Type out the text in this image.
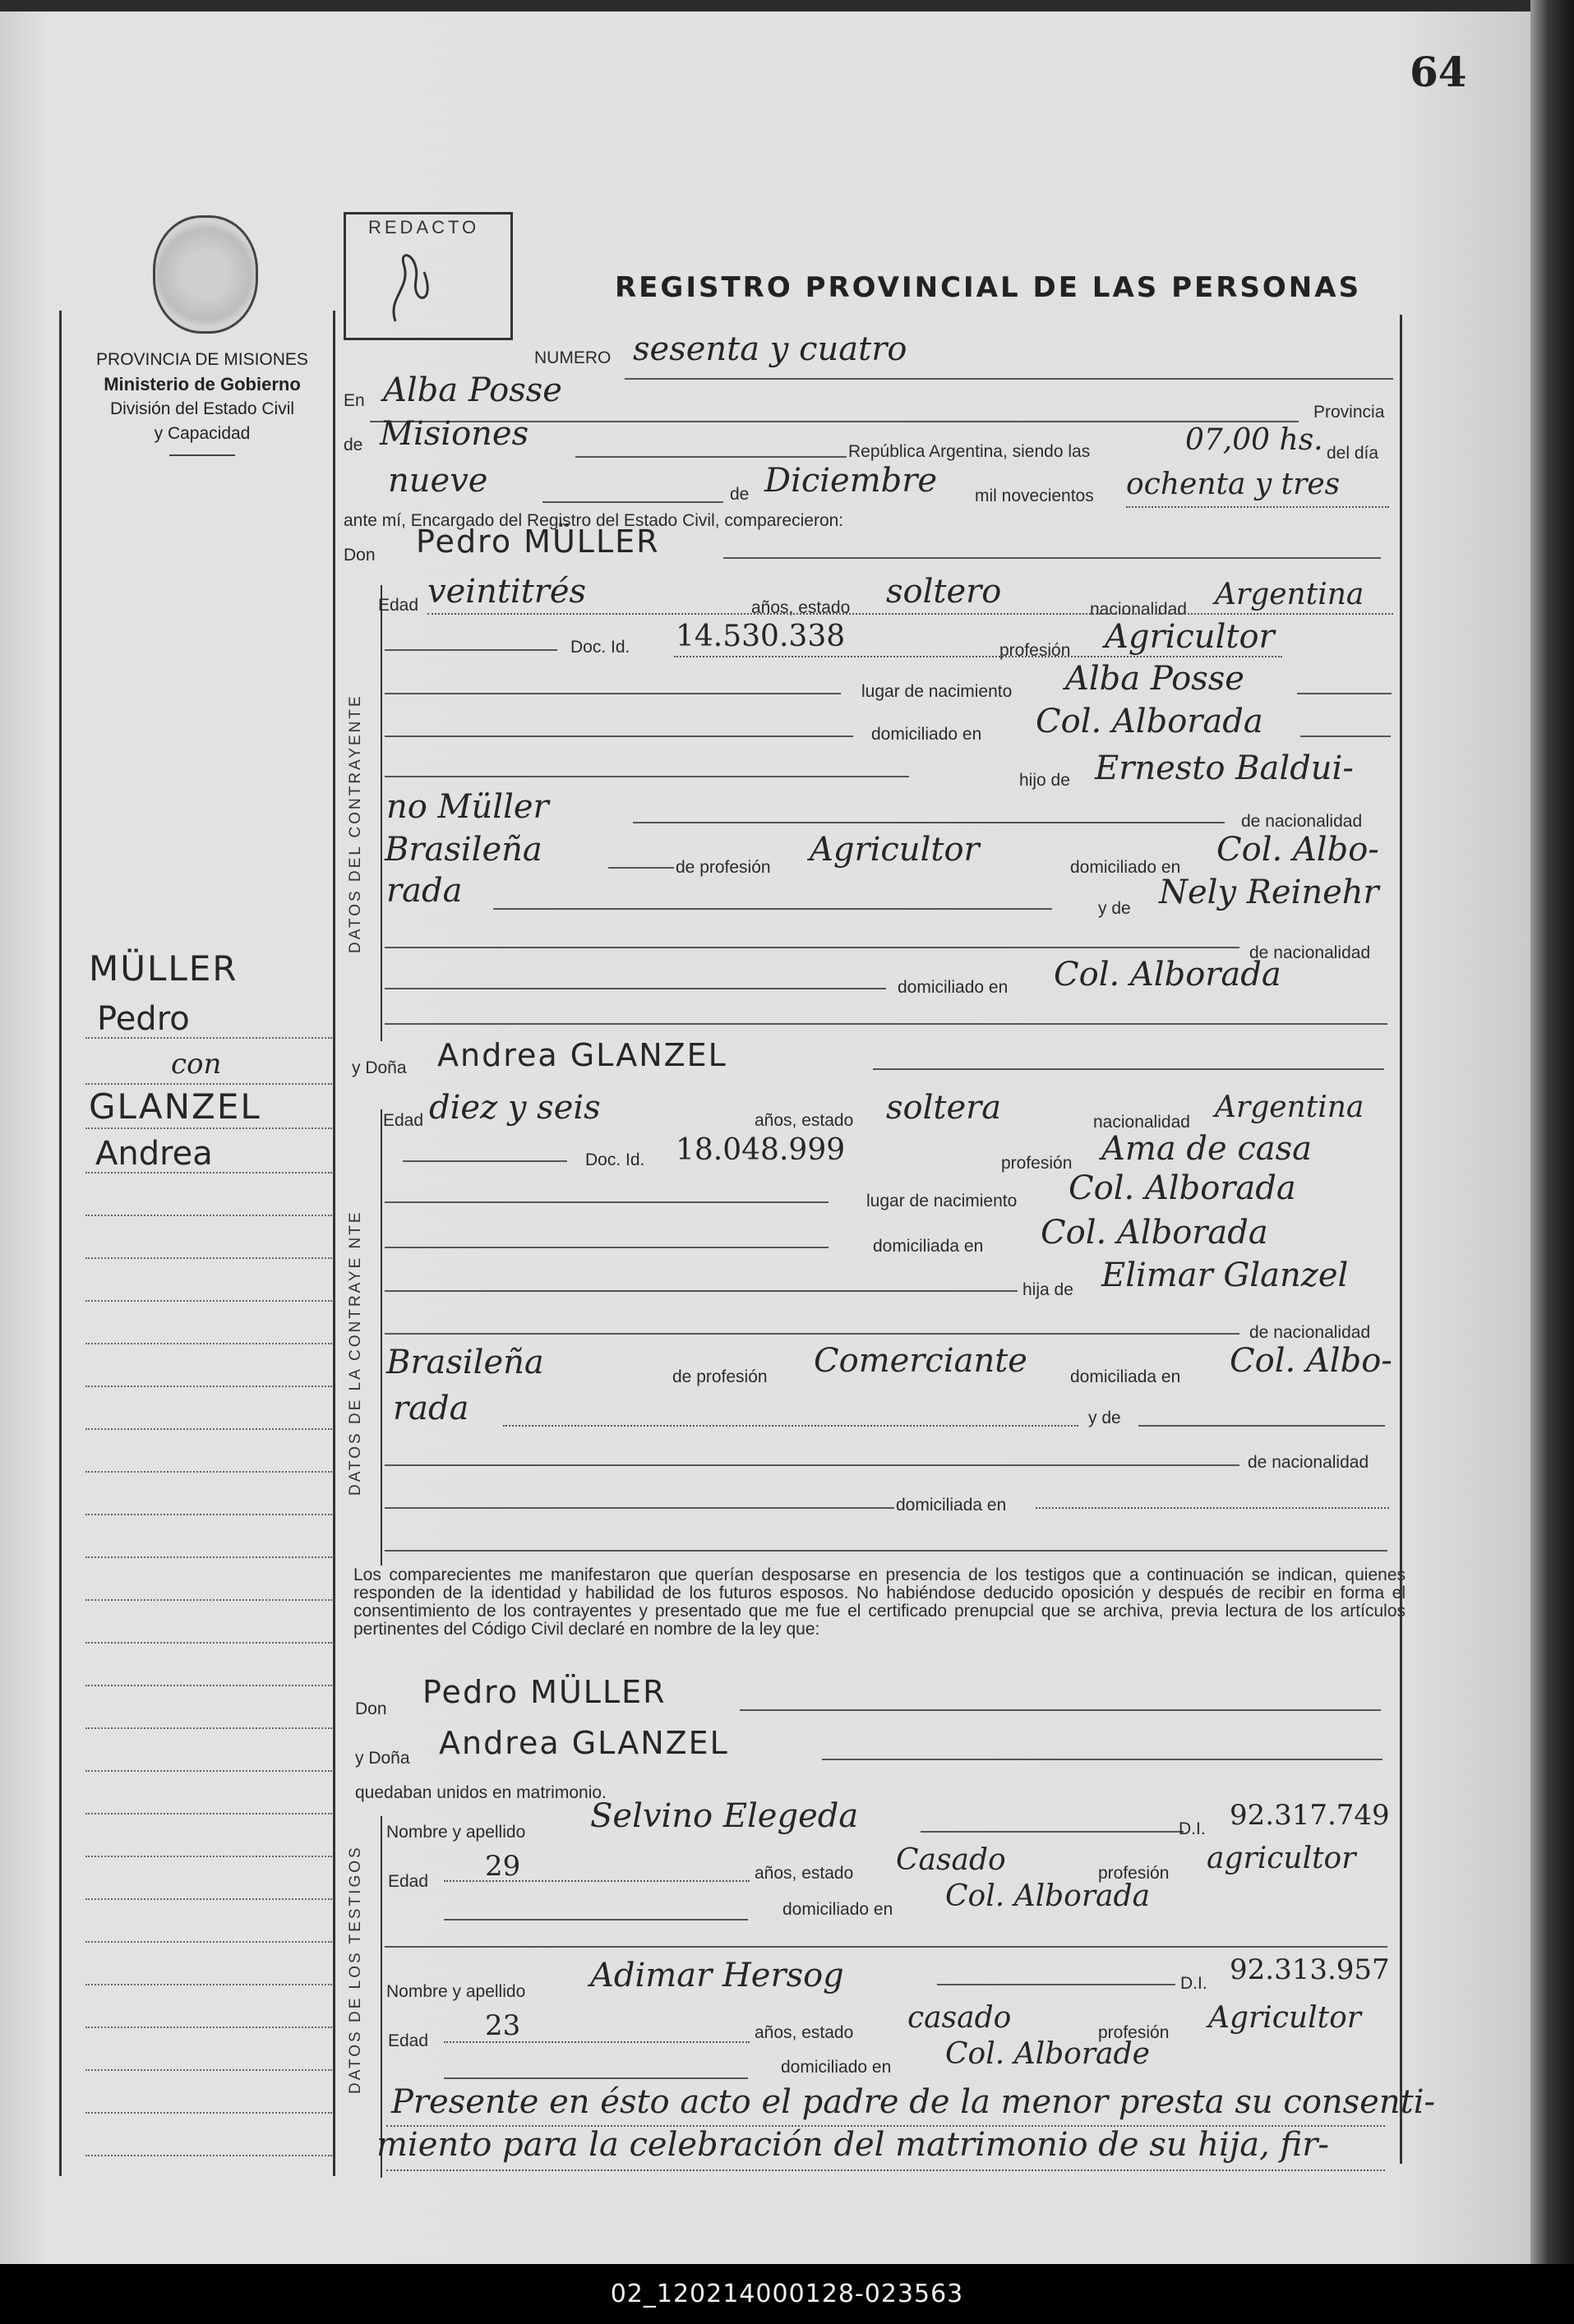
64
PROVINCIA DE MISIONES
Ministerio de Gobierno
División del Estado Civil
y Capacidad
REDACTO
REGISTRO PROVINCIAL DE LAS PERSONAS
MÜLLER
Pedro
con
GLANZEL
Andrea
DATOS DEL CONTRAYENTE
DATOS DE LA CONTRAYE NTE
DATOS DE LOS TESTIGOS
NUMERO sesenta y cuatro
En Alba Posse
Provincia
de Misiones	República Argentina, siendo las	07,00 hs. del día
nueve	de Diciembre mil novecientos ochenta y tres
ante mí, Encargado del Registro del Estado Civil, comparecieron:
Don Pedro MÜLLER
Edad veintitrés	años, estado soltero	nacionalidad Argentina
Doc. Id. 14.530.338	profesión Agricultor
lugar de nacimiento Alba Posse
domiciliado en Col. Alborada
hijo de Ernesto Baldui-
no Müller	de nacionalidad
Brasileña	de profesión Agricultor	domiciliado en Col. Albo-
rada	y de Nely Reinehr
de nacionalidad
domiciliado en Col. Alborada
y Doña Andrea GLANZEL
Edad diez y seis	años, estado soltera	nacionalidad Argentina
Doc. Id. 18.048.999	profesión Ama de casa
lugar de nacimiento Col. Alborada
domiciliada en Col. Alborada
hija de Elimar Glanzel
de nacionalidad
Brasileña	de profesión Comerciante domiciliada en Col. Albo-
rada	y de
de nacionalidad
domiciliada en
Los comparecientes me manifestaron que querían desposarse en presencia de los testigos que a continuación se indican, quienes responden de la identidad y habilidad de los futuros esposos. No habiéndose deducido oposición y después de recibir en forma el consentimiento de los contrayentes y presentado que me fue el certificado prenupcial que se archiva, previa lectura de los artículos pertinentes del Código Civil declaré en nombre de la ley que:
Don Pedro MÜLLER
y Doña Andrea GLANZEL
quedaban unidos en matrimonio.
Nombre y apellido Selvino Elegeda	D.I. 92.317.749
Edad 29	años, estado Casado	profesión agricultor
domiciliado en Col. Alborada
Nombre y apellido Adimar Hersog	D.I. 92.313.957
Edad 23	años, estado casado	profesión Agricultor
domiciliado en Col. Alborade
Presente en ésto acto el padre de la menor presta su consenti-
miento para la celebración del matrimonio de su hija, fir-
02_120214000128-023563
